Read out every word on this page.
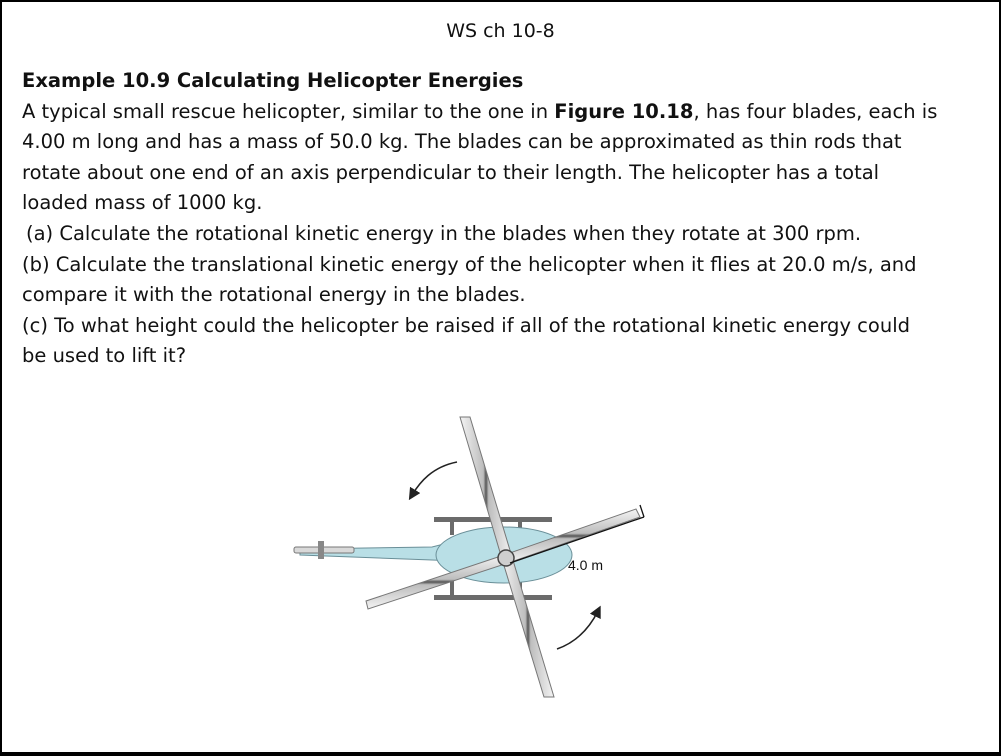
WS ch 10-8
Example 10.9 Calculating Helicopter Energies
A typical small rescue helicopter, similar to the one in Figure 10.18, has four blades, each is
4.00 m long and has a mass of 50.0 kg. The blades can be approximated as thin rods that
rotate about one end of an axis perpendicular to their length. The helicopter has a total
loaded mass of 1000 kg.
(a) Calculate the rotational kinetic energy in the blades when they rotate at 300 rpm.
(b) Calculate the translational kinetic energy of the helicopter when it flies at 20.0 m/s, and
compare it with the rotational energy in the blades.
(c) To what height could the helicopter be raised if all of the rotational kinetic energy could
be used to lift it?
4.0 m
